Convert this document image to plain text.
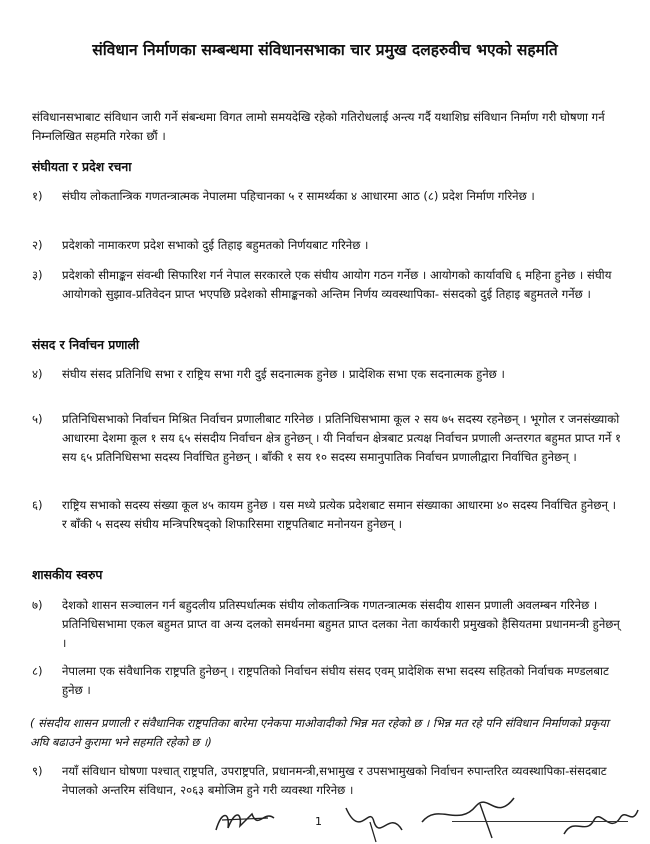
संविधान निर्माणका सम्बन्धमा संविधानसभाका चार प्रमुख दलहरुवीच भएको सहमति

संविधानसभाबाट संविधान जारी गर्ने संबन्धमा विगत लामो समयदेखि रहेको गतिरोधलाई अन्त्य गर्दै यथाशिघ्र संविधान निर्माण गरी घोषणा गर्न निम्नलिखित सहमति गरेका छौं ।

संघीयता र प्रदेश रचना

१)	संघीय लोकतान्त्रिक गणतन्त्रात्मक नेपालमा पहिचानका ५ र सामर्थ्यका ४ आधारमा आठ (८) प्रदेश निर्माण गरिनेछ ।
२)	प्रदेशको नामाकरण प्रदेश सभाको दुई तिहाइ बहुमतको निर्णयबाट गरिनेछ ।
३)	प्रदेशको सीमाङ्कन संवन्धी सिफारिश गर्न नेपाल सरकारले एक संघीय आयोग गठन गर्नेछ । आयोगको कार्यावधि ६ महिना हुनेछ । संघीय आयोगको सुझाव-प्रतिवेदन प्राप्त भएपछि प्रदेशको सीमाङ्कनको अन्तिम निर्णय व्यवस्थापिका- संसदको दुई तिहाइ बहुमतले गर्नेछ ।

संसद र निर्वाचन प्रणाली

४)	संघीय संसद प्रतिनिधि सभा र राष्ट्रिय सभा गरी दुई सदनात्मक हुनेछ । प्रादेशिक सभा एक सदनात्मक हुनेछ ।
५)	प्रतिनिधिसभाको निर्वाचन मिश्रित निर्वाचन प्रणालीबाट गरिनेछ । प्रतिनिधिसभामा कूल २ सय ७५ सदस्य रहनेछन् । भूगोल र जनसंख्याको आधारमा देशमा कूल १ सय ६५ संसदीय निर्वाचन क्षेत्र हुनेछन् । यी निर्वाचन क्षेत्रबाट प्रत्यक्ष निर्वाचन प्रणाली अन्तरगत बहुमत प्राप्त गर्ने १ सय ६५ प्रतिनिधिसभा सदस्य निर्वाचित हुनेछन् । बाँकी १ सय १० सदस्य समानुपातिक निर्वाचन प्रणालीद्वारा निर्वाचित हुनेछन् ।
६)	राष्ट्रिय सभाको सदस्य संख्या कूल ४५ कायम हुनेछ । यस मध्ये प्रत्येक प्रदेशबाट समान संख्याका आधारमा ४० सदस्य निर्वाचित हुनेछन् । र बाँकी ५ सदस्य संघीय मन्त्रिपरिषद्को शिफारिसमा राष्ट्रपतिबाट मनोनयन हुनेछन् ।

शासकीय स्वरुप

७)	देशको शासन सञ्चालन गर्न बहुदलीय प्रतिस्पर्धात्मक संघीय लोकतान्त्रिक गणतन्त्रात्मक संसदीय शासन प्रणाली अवलम्बन गरिनेछ । प्रतिनिधिसभामा एकल बहुमत प्राप्त वा अन्य दलको समर्थनमा बहुमत प्राप्त दलका नेता कार्यकारी प्रमुखको हैसियतमा प्रधानमन्त्री हुनेछन् ।
८)	नेपालमा एक संवैधानिक राष्ट्रपति हुनेछन् । राष्ट्रपतिको निर्वाचन संघीय संसद एवम् प्रादेशिक सभा सदस्य सहितको निर्वाचक मण्डलबाट हुनेछ ।

( संसदीय शासन प्रणाली र संवैधानिक राष्ट्रपतिका बारेमा एनेकपा माओवादीको भिन्न मत रहेको छ । भिन्न मत रहे पनि संविधान निर्माणको प्रकृया अघि बढाउने कुरामा भने सहमति रहेको छ ।)

९)	नयाँ संविधान घोषणा पश्चात् राष्ट्रपति, उपराष्ट्रपति, प्रधानमन्त्री,सभामुख र उपसभामुखको निर्वाचन रुपान्तरित व्यवस्थापिका-संसदबाट नेपालको अन्तरिम संविधान, २०६३ बमोजिम हुने गरी व्यवस्था गरिनेछ ।
1
